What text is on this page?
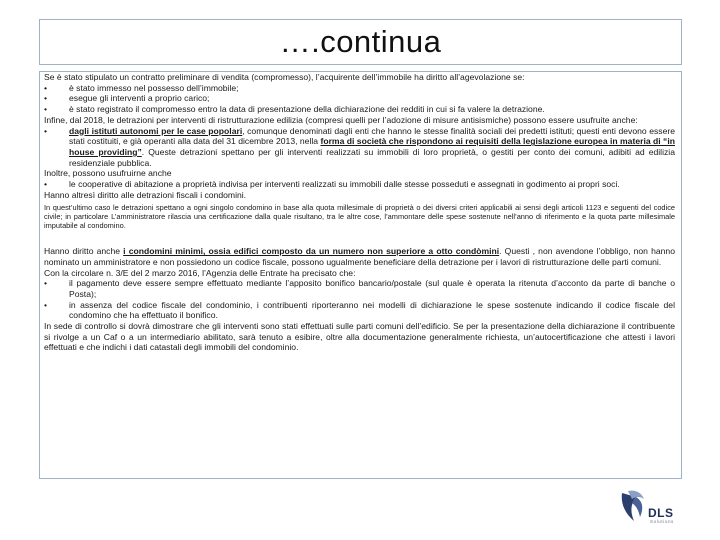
….continua

Se è stato stipulato un contratto preliminare di vendita (compromesso), l’acquirente dell’immobile ha diritto all’agevolazione se:

•	è stato immesso nel possesso dell’immobile;
•	esegue gli interventi a proprio carico;
•	è stato registrato il compromesso entro la data di presentazione della dichiarazione dei redditi in cui si fa valere la detrazione.

Infine, dal 2018, le detrazioni per interventi di ristrutturazione edilizia (compresi quelli per l’adozione di misure antisismiche) possono essere usufruite anche:

•	dagli istituti autonomi per le case popolari, comunque denominati dagli enti che hanno le stesse finalità sociali dei predetti istituti; questi enti devono essere stati costituiti, e già operanti alla data del 31 dicembre 2013, nella forma di società che rispondono ai requisiti della legislazione europea in materia di “in house providing”. Queste detrazioni spettano per gli interventi realizzati su immobili di loro proprietà, o gestiti per conto dei comuni, adibiti ad edilizia residenziale pubblica.

Inoltre, possono usufruirne anche

•	le cooperative di abitazione a proprietà indivisa per interventi realizzati su immobili dalle stesse posseduti e assegnati in godimento ai propri soci.

Hanno altresì diritto alle detrazioni fiscali i condomini.

In quest’ultimo caso le detrazioni spettano a ogni singolo condomino in base alla quota millesimale di proprietà o dei diversi criteri applicabili ai sensi degli articoli 1123 e seguenti del codice civile; in particolare L’amministratore rilascia una certificazione dalla quale risultano, tra le altre cose, l’ammontare delle spese sostenute nell’anno di riferimento e la quota parte millesimale imputabile al condomino.

Hanno diritto anche i condomini minimi, ossia edifici composto da un numero non superiore a otto condòmini. Questi , non avendone l’obbligo, non hanno nominato un amministratore e non possiedono un codice fiscale, possono ugualmente beneficiare della detrazione per i lavori di ristrutturazione delle parti comuni.

Con la circolare n. 3/E del 2 marzo 2016, l’Agenzia delle Entrate ha precisato che:

•	il pagamento deve essere sempre effettuato mediante l’apposito bonifico bancario/postale (sul quale è operata la ritenuta d’acconto da parte di banche o Posta);
•	in assenza del codice fiscale del condominio, i contribuenti riporteranno nei modelli di dichiarazione le spese sostenute indicando il codice fiscale del condomino che ha effettuato il bonifico.

In sede di controllo si dovrà dimostrare che gli interventi sono stati effettuati sulle parti comuni dell’edificio. Se per la presentazione della dichiarazione il contribuente si rivolge a un Caf o a un intermediario abilitato, sarà tenuto a esibire, oltre alla documentazione generalmente richiesta, un’autocertificazione che attesti i lavori effettuati e che indichi i dati catastali degli immobili del condominio.

DLS
Solutions
